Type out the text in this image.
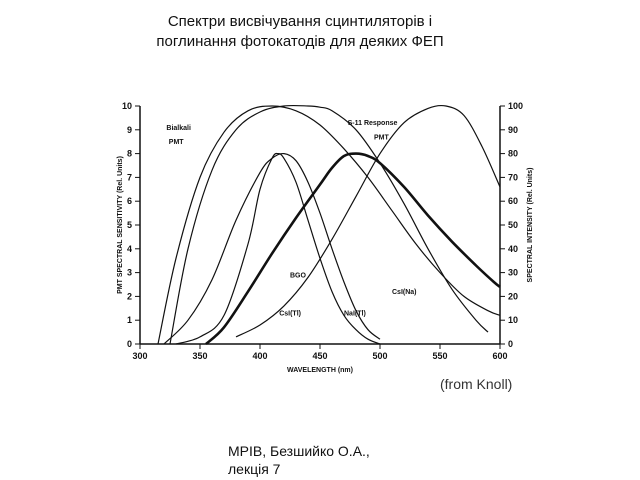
Спектри висвічування сцинтиляторів і
поглинання фотокатодів для деяких ФЕП
300	350	400	450	500	550	600
0
1
2
3
4
5
6
7
8
9
10
0
10
20
30
40
50
60
70
80
90
100
WAVELENGTH (nm)
PMT SPECTRAL SENSITIVITY (Rel. Units)	SPECTRAL INTENSITY (Rel. Units)
Bialkali
PMT
S-11 Response
PMT
BGO
CsI(Tl)	NaI(Tl)
CsI(Na)
(from Knoll)
МРІВ, Безшийко О.А.,
лекція 7
